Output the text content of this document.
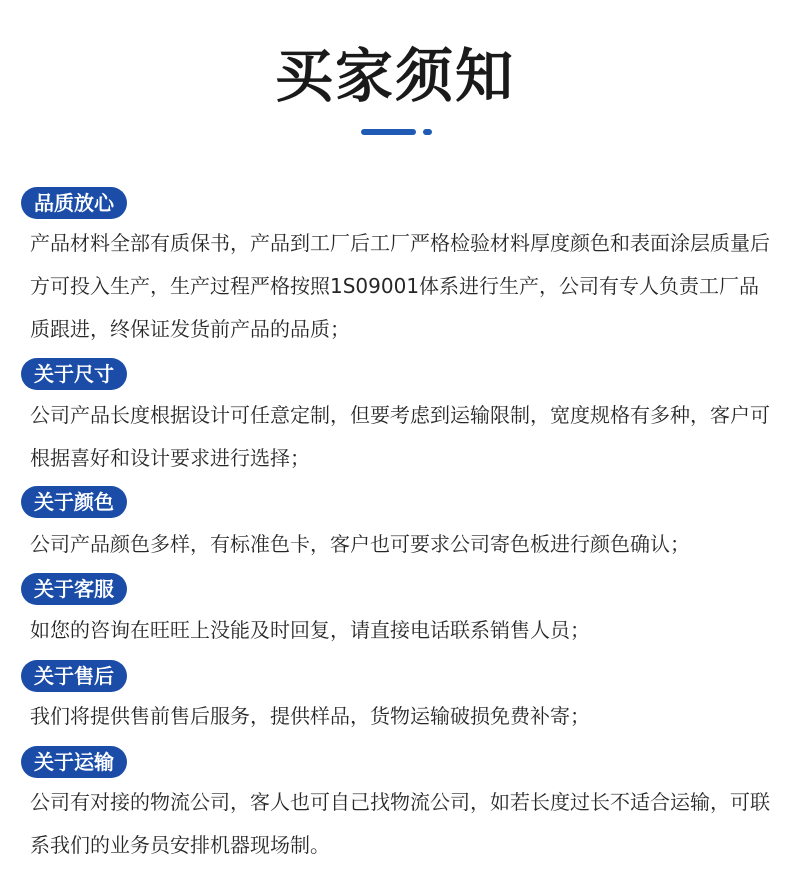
买家须知
品质放心

产品材料全部有质保书，产品到工厂后工厂严格检验材料厚度颜色和表面涂层质量后方可投入生产，生产过程严格按照1S09001体系进行生产，公司有专人负责工厂品质跟进，终保证发货前产品的品质；

关于尺寸

公司产品长度根据设计可任意定制，但要考虑到运输限制，宽度规格有多种，客户可根据喜好和设计要求进行选择；

关于颜色

公司产品颜色多样，有标准色卡，客户也可要求公司寄色板进行颜色确认；

关于客服

如您的咨询在旺旺上没能及时回复，请直接电话联系销售人员；

关于售后

我们将提供售前售后服务，提供样品，货物运输破损免费补寄；

关于运输

公司有对接的物流公司，客人也可自己找物流公司，如若长度过长不适合运输，可联系我们的业务员安排机器现场制。
